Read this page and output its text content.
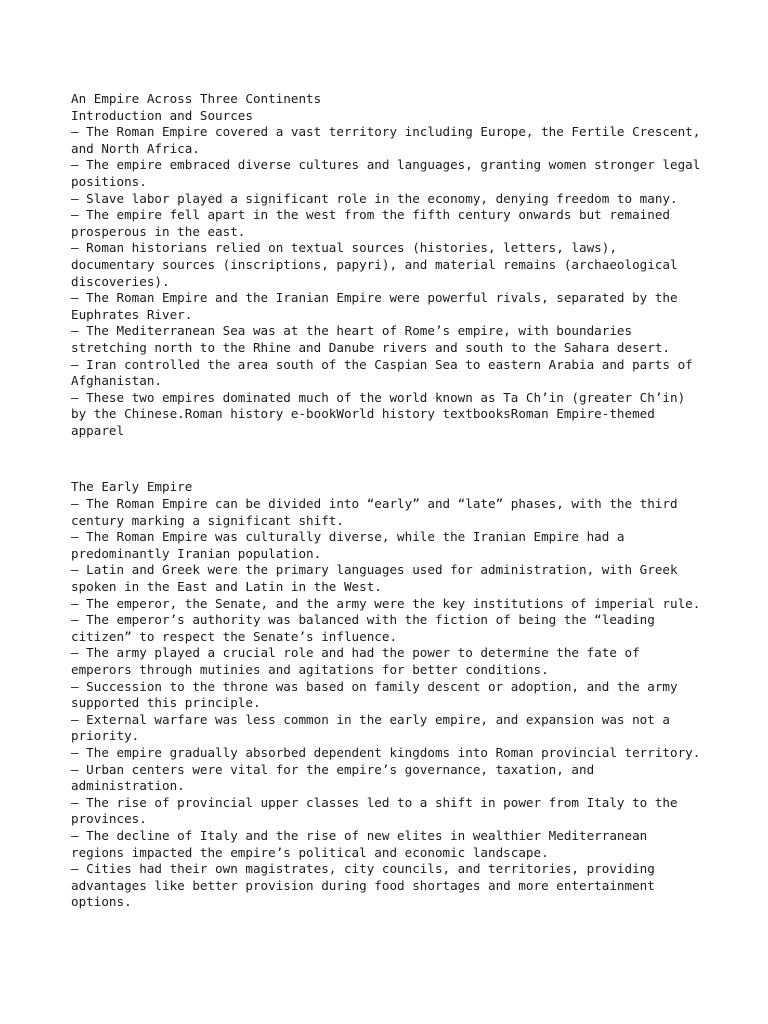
An Empire Across Three Continents
Introduction and Sources
– The Roman Empire covered a vast territory including Europe, the Fertile Crescent,
and North Africa.
– The empire embraced diverse cultures and languages, granting women stronger legal
positions.
– Slave labor played a significant role in the economy, denying freedom to many.
– The empire fell apart in the west from the fifth century onwards but remained
prosperous in the east.
– Roman historians relied on textual sources (histories, letters, laws),
documentary sources (inscriptions, papyri), and material remains (archaeological
discoveries).
– The Roman Empire and the Iranian Empire were powerful rivals, separated by the
Euphrates River.
– The Mediterranean Sea was at the heart of Rome’s empire, with boundaries
stretching north to the Rhine and Danube rivers and south to the Sahara desert.
– Iran controlled the area south of the Caspian Sea to eastern Arabia and parts of
Afghanistan.
– These two empires dominated much of the world known as Ta Ch’in (greater Ch’in)
by the Chinese.Roman history e-bookWorld history textbooksRoman Empire-themed
apparel
The Early Empire
– The Roman Empire can be divided into “early” and “late” phases, with the third
century marking a significant shift.
– The Roman Empire was culturally diverse, while the Iranian Empire had a
predominantly Iranian population.
– Latin and Greek were the primary languages used for administration, with Greek
spoken in the East and Latin in the West.
– The emperor, the Senate, and the army were the key institutions of imperial rule.
– The emperor’s authority was balanced with the fiction of being the “leading
citizen” to respect the Senate’s influence.
– The army played a crucial role and had the power to determine the fate of
emperors through mutinies and agitations for better conditions.
– Succession to the throne was based on family descent or adoption, and the army
supported this principle.
– External warfare was less common in the early empire, and expansion was not a
priority.
– The empire gradually absorbed dependent kingdoms into Roman provincial territory.
– Urban centers were vital for the empire’s governance, taxation, and
administration.
– The rise of provincial upper classes led to a shift in power from Italy to the
provinces.
– The decline of Italy and the rise of new elites in wealthier Mediterranean
regions impacted the empire’s political and economic landscape.
– Cities had their own magistrates, city councils, and territories, providing
advantages like better provision during food shortages and more entertainment
options.
